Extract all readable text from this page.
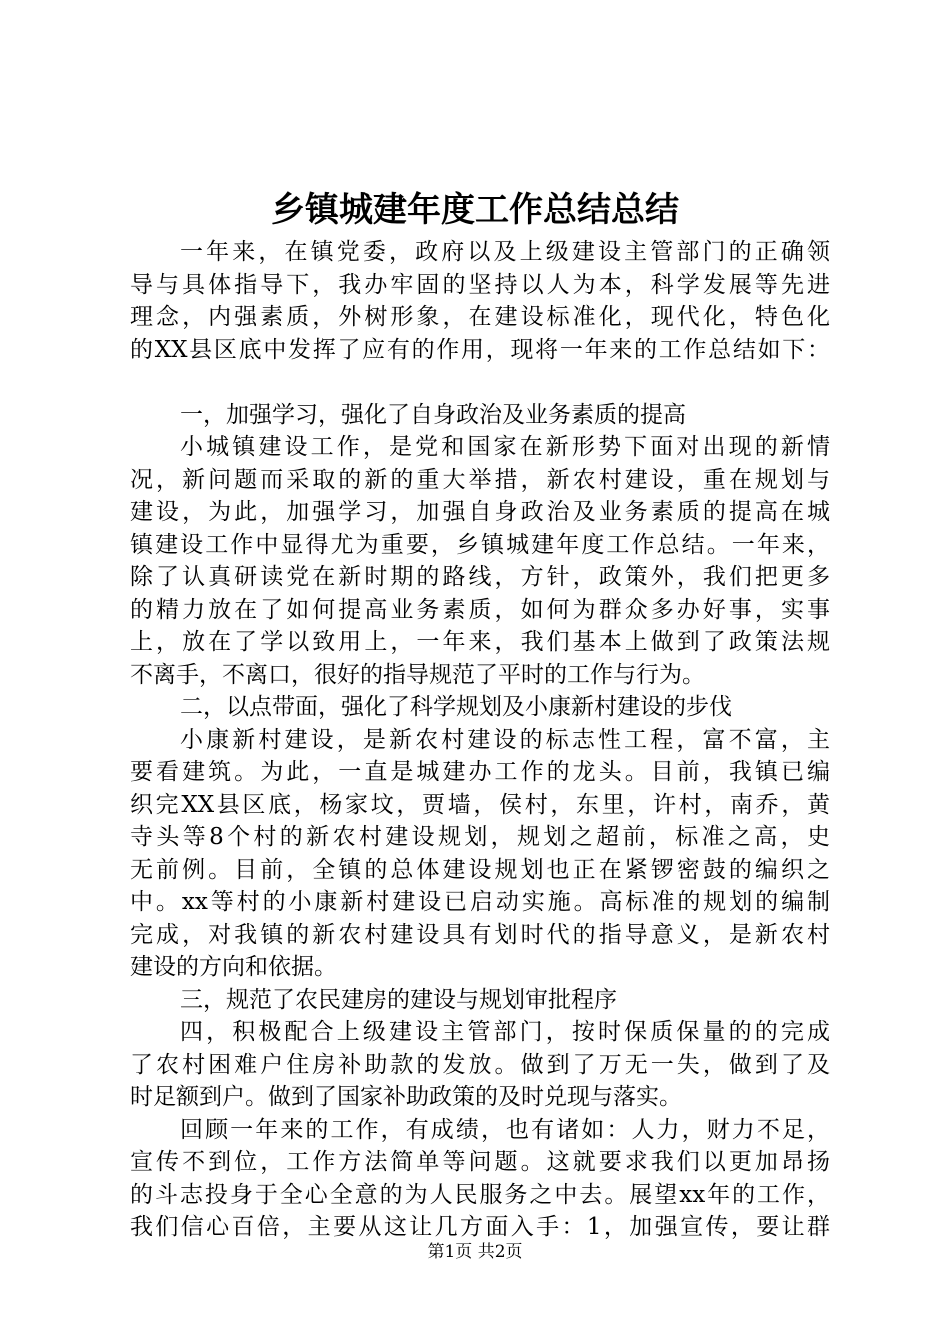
乡镇城建年度工作总结总结
一年来，在镇党委，政府以及上级建设主管部门的正确领
导与具体指导下，我办牢固的坚持以人为本，科学发展等先进
理念，内强素质，外树形象，在建设标准化，现代化，特色化
的XX县区底中发挥了应有的作用，现将一年来的工作总结如下：
一，加强学习，强化了自身政治及业务素质的提高
小城镇建设工作，是党和国家在新形势下面对出现的新情
况，新问题而采取的新的重大举措，新农村建设，重在规划与
建设，为此，加强学习，加强自身政治及业务素质的提高在城
镇建设工作中显得尤为重要，乡镇城建年度工作总结。一年来，
除了认真研读党在新时期的路线，方针，政策外，我们把更多
的精力放在了如何提高业务素质，如何为群众多办好事，实事
上，放在了学以致用上，一年来，我们基本上做到了政策法规
不离手，不离口，很好的指导规范了平时的工作与行为。
二，以点带面，强化了科学规划及小康新村建设的步伐
小康新村建设，是新农村建设的标志性工程，富不富，主
要看建筑。为此，一直是城建办工作的龙头。目前，我镇已编
织完XX县区底，杨家坟，贾墙，侯村，东里，许村，南乔，黄
寺头等8个村的新农村建设规划，规划之超前，标准之高，史
无前例。目前，全镇的总体建设规划也正在紧锣密鼓的编织之
中。xx等村的小康新村建设已启动实施。高标准的规划的编制
完成，对我镇的新农村建设具有划时代的指导意义，是新农村
建设的方向和依据。
三，规范了农民建房的建设与规划审批程序
四，积极配合上级建设主管部门，按时保质保量的的完成
了农村困难户住房补助款的发放。做到了万无一失，做到了及
时足额到户。做到了国家补助政策的及时兑现与落实。
回顾一年来的工作，有成绩，也有诸如：人力，财力不足，
宣传不到位，工作方法简单等问题。这就要求我们以更加昂扬
的斗志投身于全心全意的为人民服务之中去。展望xx年的工作，
我们信心百倍，主要从这让几方面入手：1，加强宣传，要让群
第1页 共2页
